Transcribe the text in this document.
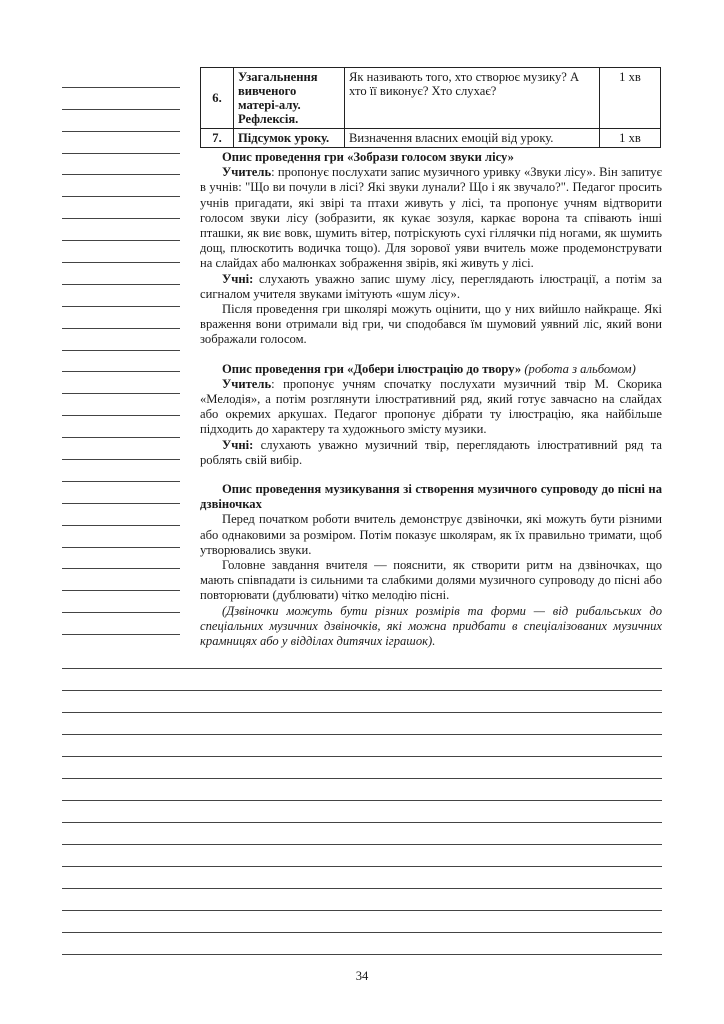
6.	Узагальнення вивченого матері-алу. Рефлексія.	Як називають того, хто створює музику? А хто її виконує? Хто слухає?	1 хв
7.	Підсумок уроку.	Визначення власних емоцій від уроку.	1 хв

Опис проведення гри «Зобрази голосом звуки лісу»

Учитель: пропонує послухати запис музичного уривку «Звуки лісу». Він запитує в учнів: "Що ви почули в лісі? Які звуки лунали? Що і як звучало?". Педагог просить учнів пригадати, які звірі та птахи живуть у лісі, та пропонує учням відтворити голосом звуки лісу (зобразити, як кукає зозуля, каркає ворона та співають інші пташки, як виє вовк, шумить вітер, потріскують сухі гіллячки під ногами, як шумить дощ, плюскотить водичка тощо). Для зорової уяви вчитель може продемонструвати на слайдах або малюнках зображення звірів, які живуть у лісі.

Учні: слухають уважно запис шуму лісу, переглядають ілюстрації, а потім за сигналом учителя звуками імітують «шум лісу».

Після проведення гри школярі можуть оцінити, що у них вийшло найкраще. Які враження вони отримали від гри, чи сподобався їм шумовий уявний ліс, який вони зображали голосом.

Опис проведення гри «Добери ілюстрацію до твору» (робота з альбомом)

Учитель: пропонує учням спочатку послухати музичний твір М. Скорика «Мелодія», а потім розглянути ілюстративний ряд, який готує завчасно на слайдах або окремих аркушах. Педагог пропонує дібрати ту ілюстрацію, яка найбільше підходить до характеру та художнього змісту музики.

Учні: слухають уважно музичний твір, переглядають ілюстративний ряд та роблять свій вибір.

Опис проведення музикування зі створення музичного супроводу до пісні на дзвіночках

Перед початком роботи вчитель демонструє дзвіночки, які можуть бути різними або однаковими за розміром. Потім показує школярам, як їх правильно тримати, щоб утворювались звуки.

Головне завдання вчителя — пояснити, як створити ритм на дзвіночках, що мають співпадати із сильними та слабкими долями музичного супроводу до пісні або повторювати (дублювати) чітко мелодію пісні.

(Дзвіночки можуть бути різних розмірів та форми — від рибальських до спеціальних музичних дзвіночків, які можна придбати в спеціалізованих музичних крамницях або у відділах дитячих іграшок).

34
